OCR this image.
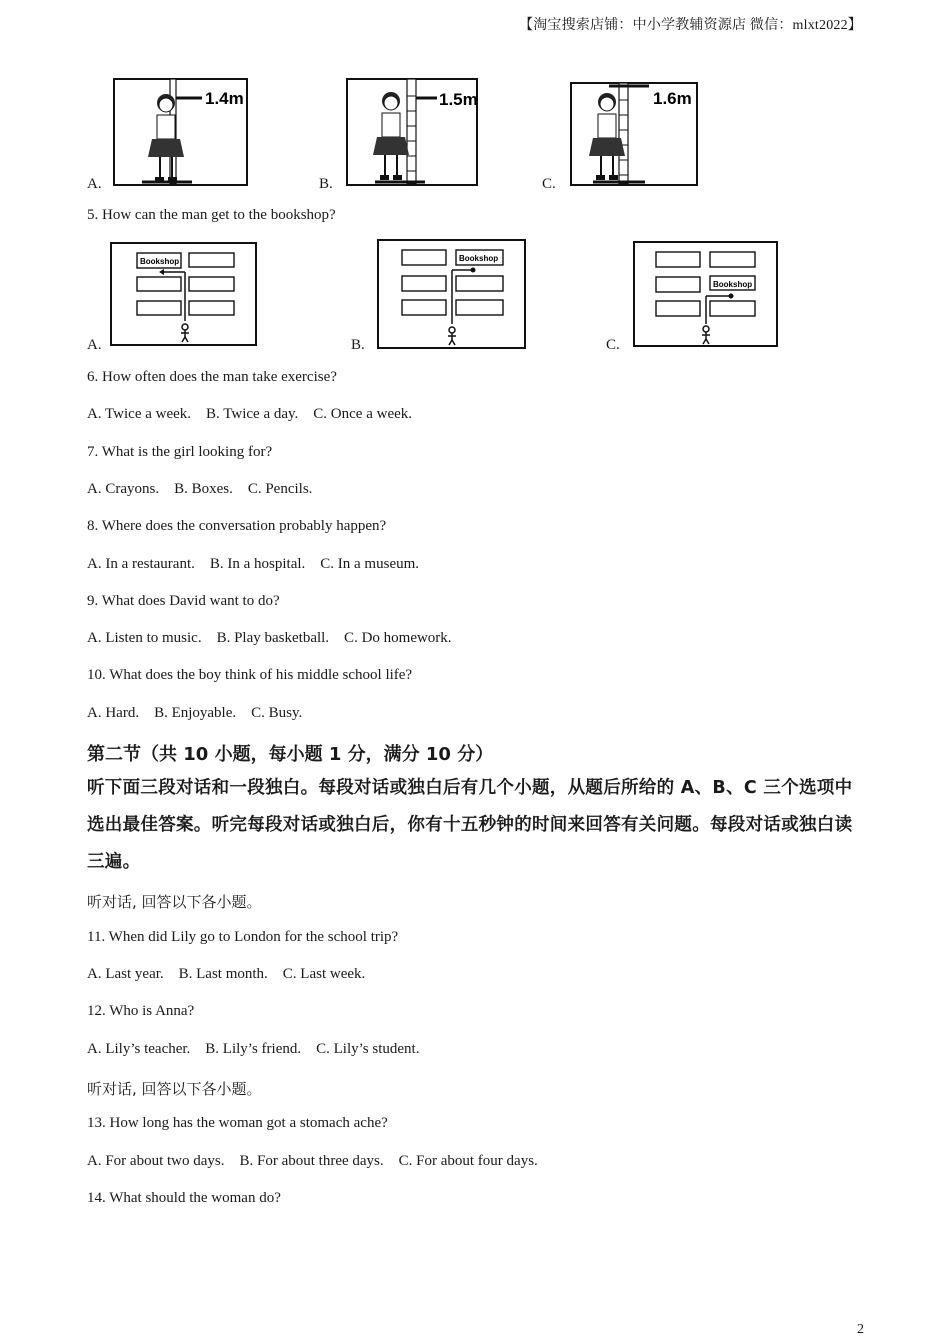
【淘宝搜索店铺：中小学教辅资源店 微信：mlxt2022】
A.
1.4m
B.
1.5m
C.
1.6m
5. How can the man get to the bookshop?
A.
Bookshop
B.
Bookshop
C.
Bookshop
6. How often does the man take exercise?
A. Twice a week.    B. Twice a day.    C. Once a week.
7. What is the girl looking for?
A. Crayons.    B. Boxes.    C. Pencils.
8. Where does the conversation probably happen?
A. In a restaurant.    B. In a hospital.    C. In a museum.
9. What does David want to do?
A. Listen to music.    B. Play basketball.    C. Do homework.
10. What does the boy think of his middle school life?
A. Hard.    B. Enjoyable.    C. Busy.
第二节（共 10 小题，每小题 1 分，满分 10 分）
听下面三段对话和一段独白。每段对话或独白后有几个小题，从题后所给的 A、B、C 三个选项中选出最佳答案。听完每段对话或独白后，你有十五秒钟的时间来回答有关问题。每段对话或独白读三遍。
听对话, 回答以下各小题。
11. When did Lily go to London for the school trip?
A. Last year.    B. Last month.    C. Last week.
12. Who is Anna?
A. Lily’s teacher.    B. Lily’s friend.    C. Lily’s student.
听对话, 回答以下各小题。
13. How long has the woman got a stomach ache?
A. For about two days.    B. For about three days.    C. For about four days.
14. What should the woman do?
2
